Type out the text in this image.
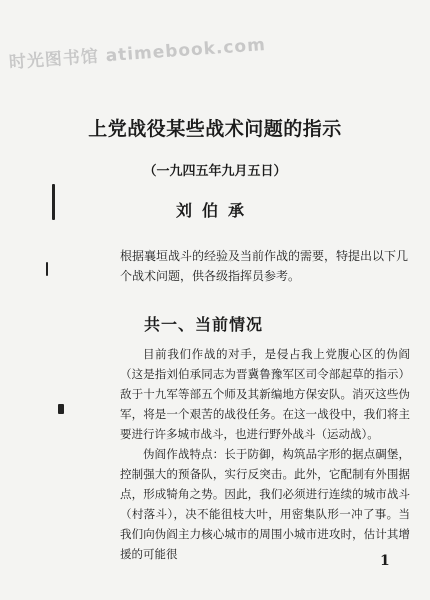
时光图书馆 atimebook.com
上党战役某些战术问题的指示
（一九四五年九月五日）
刘伯承
根据襄垣战斗的经验及当前作战的需要，特提出以下几个战术问题，供各级指挥员参考。
共一、当前情况

目前我们作战的对手，是侵占我上党腹心区的伪阎（这是指刘伯承同志为晋冀鲁豫军区司令部起草的指示）敌于十九军等部五个师及其新编地方保安队。消灭这些伪军，将是一个艰苦的战役任务。在这一战役中，我们将主要进行许多城市战斗，也进行野外战斗（运动战）。

伪阎作战特点：长于防御，构筑品字形的据点碉堡，控制强大的预备队，实行反突击。此外，它配制有外围据点，形成犄角之势。因此，我们必须进行连续的城市战斗（村落斗），决不能徂枝大叶，用密集队形一冲了事。当我们向伪阎主力核心城市的周围小城市进攻时，估计其增援的可能很	1
